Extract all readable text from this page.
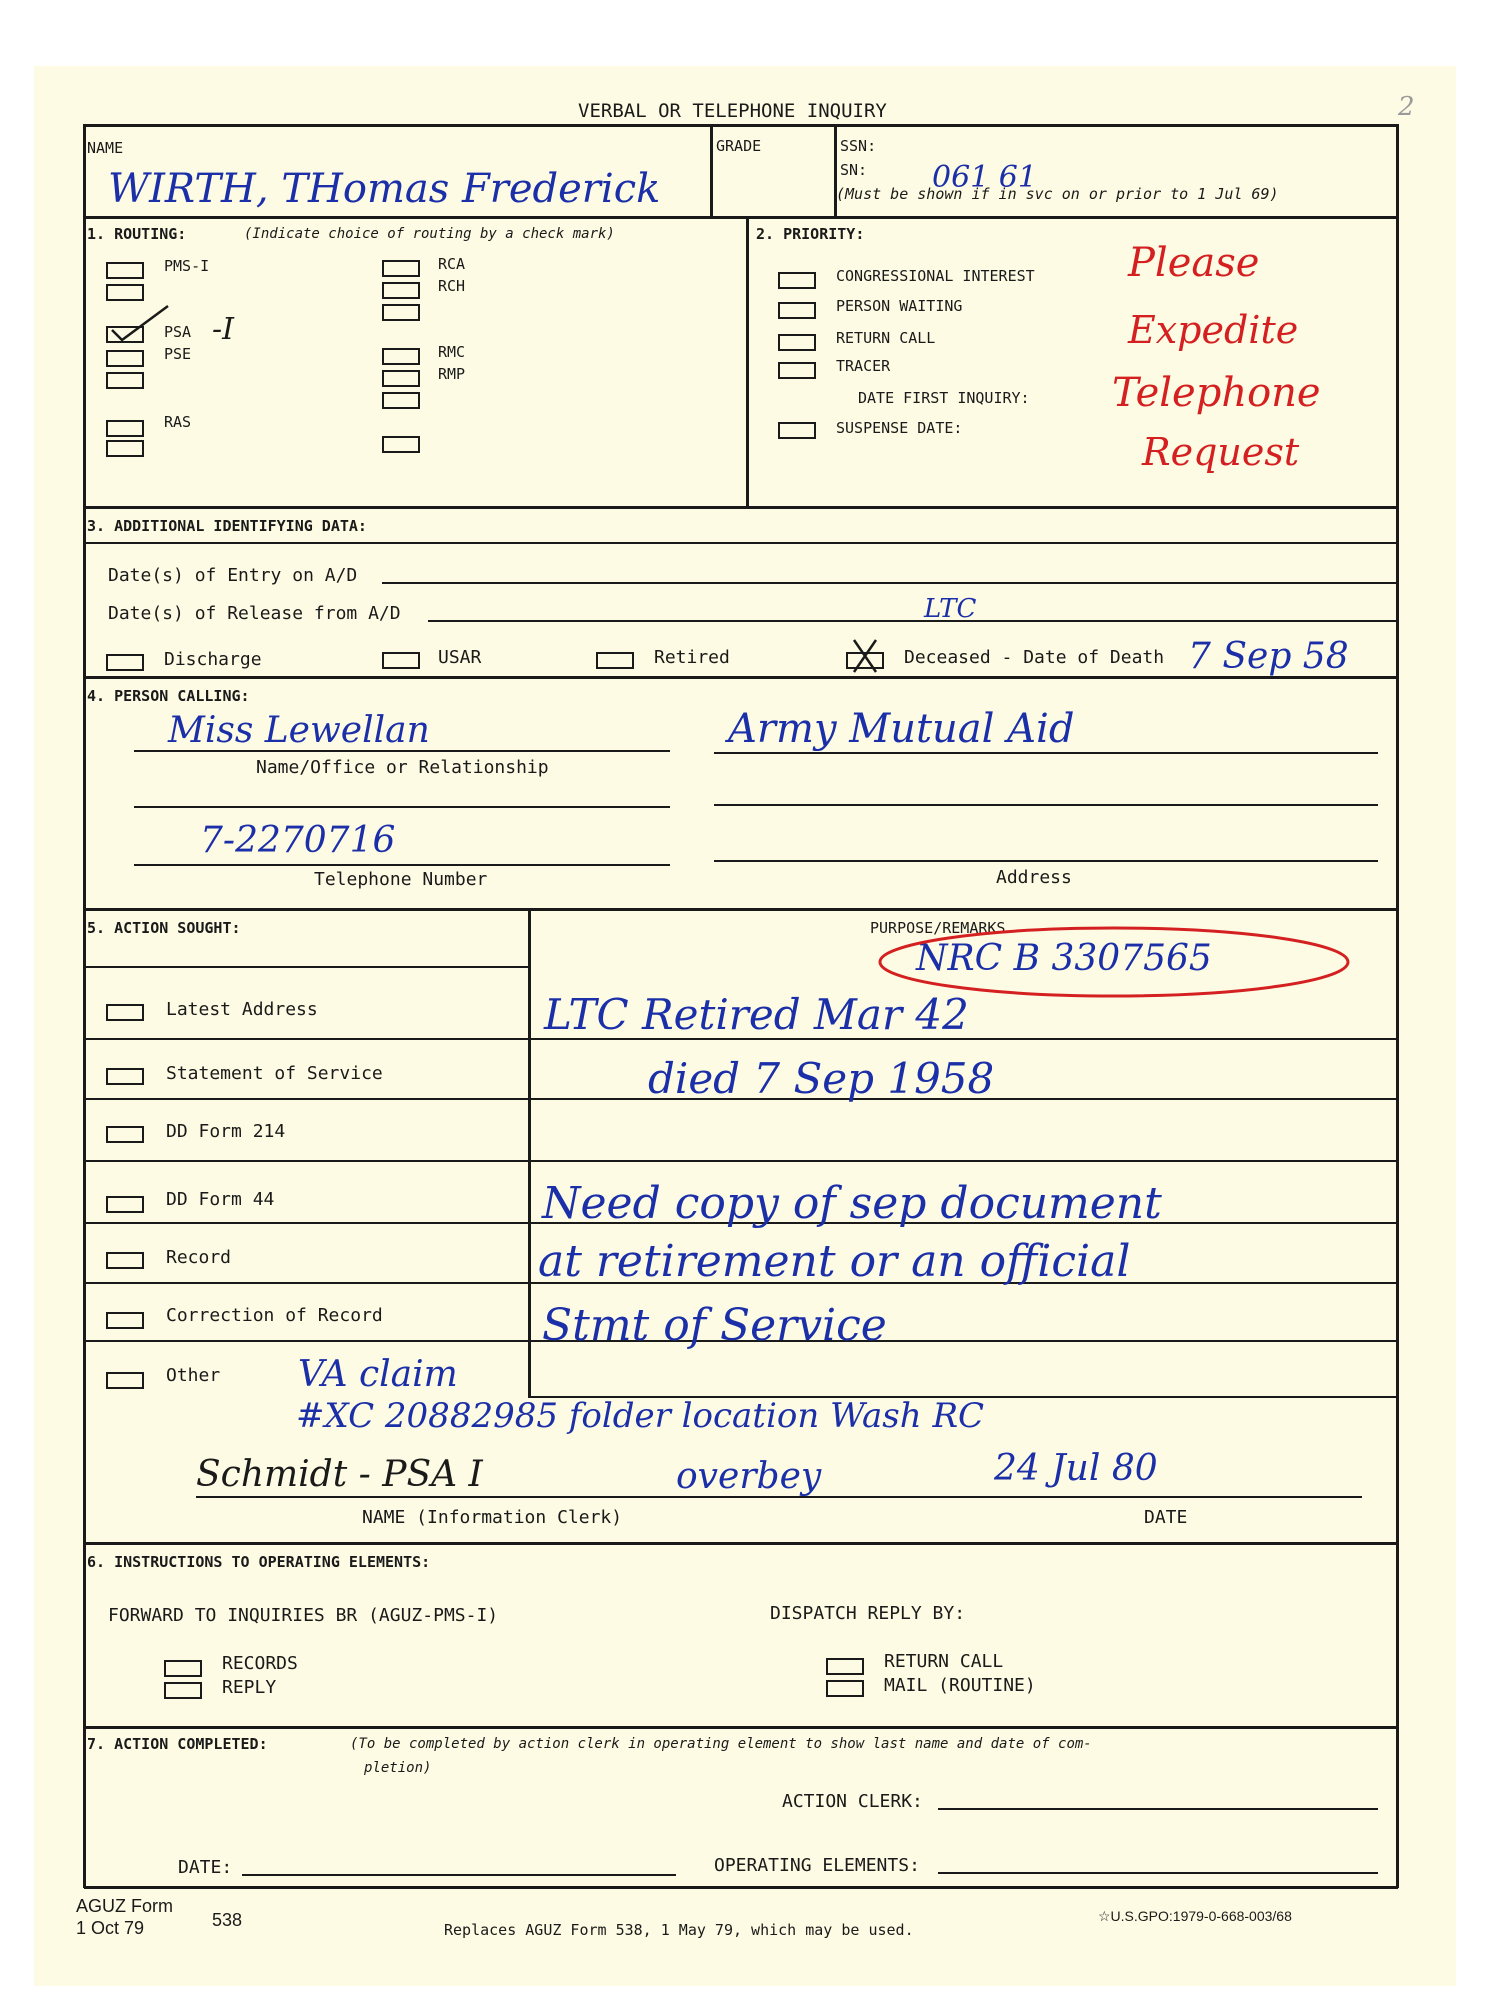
VERBAL OR TELEPHONE INQUIRY	2
NAME
WIRTH, THomas Frederick
GRADE	SSN:
SN: 061 61
(Must be shown if in svc on or prior to 1 Jul 69)
1. ROUTING:	(Indicate choice of routing by a check mark)
PMS-I
PSA -I
PSE
RAS
RCA
RCH
RMC
RMP
2. PRIORITY:
CONGRESSIONAL INTEREST
PERSON WAITING
RETURN CALL
TRACER
DATE FIRST INQUIRY:
SUSPENSE DATE:
Please
Expedite
Telephone
Request
3. ADDITIONAL IDENTIFYING DATA:
Date(s) of Entry on A/D
Date(s) of Release from A/D	LTC
Discharge	USAR	Retired	Deceased - Date of Death 7 Sep 58
4. PERSON CALLING:
Miss Lewellan
Name/Office or Relationship
Army Mutual Aid
7-2270716
Telephone Number	Address
5. ACTION SOUGHT:	PURPOSE/REMARKS
NRC B 3307565
Latest Address
Statement of Service
DD Form 214
DD Form 44
Record
Correction of Record
Other VA claim
LTC Retired Mar 42
died 7 Sep 1958
Need copy of sep document
at retirement or an official
Stmt of Service
#XC 20882985 folder location Wash RC
Schmidt - PSA I	overbey	24 Jul 80
NAME (Information Clerk)	DATE
6. INSTRUCTIONS TO OPERATING ELEMENTS:
FORWARD TO INQUIRIES BR (AGUZ-PMS-I)
RECORDS
REPLY
DISPATCH REPLY BY:
RETURN CALL
MAIL (ROUTINE)
7. ACTION COMPLETED:	(To be completed by action clerk in operating element to show last name and date of com-
pletion)
ACTION CLERK:
DATE:	OPERATING ELEMENTS:
AGUZ Form
1 Oct 79	538	Replaces AGUZ Form 538, 1 May 79, which may be used.
☆U.S.GPO:1979-0-668-003/68
